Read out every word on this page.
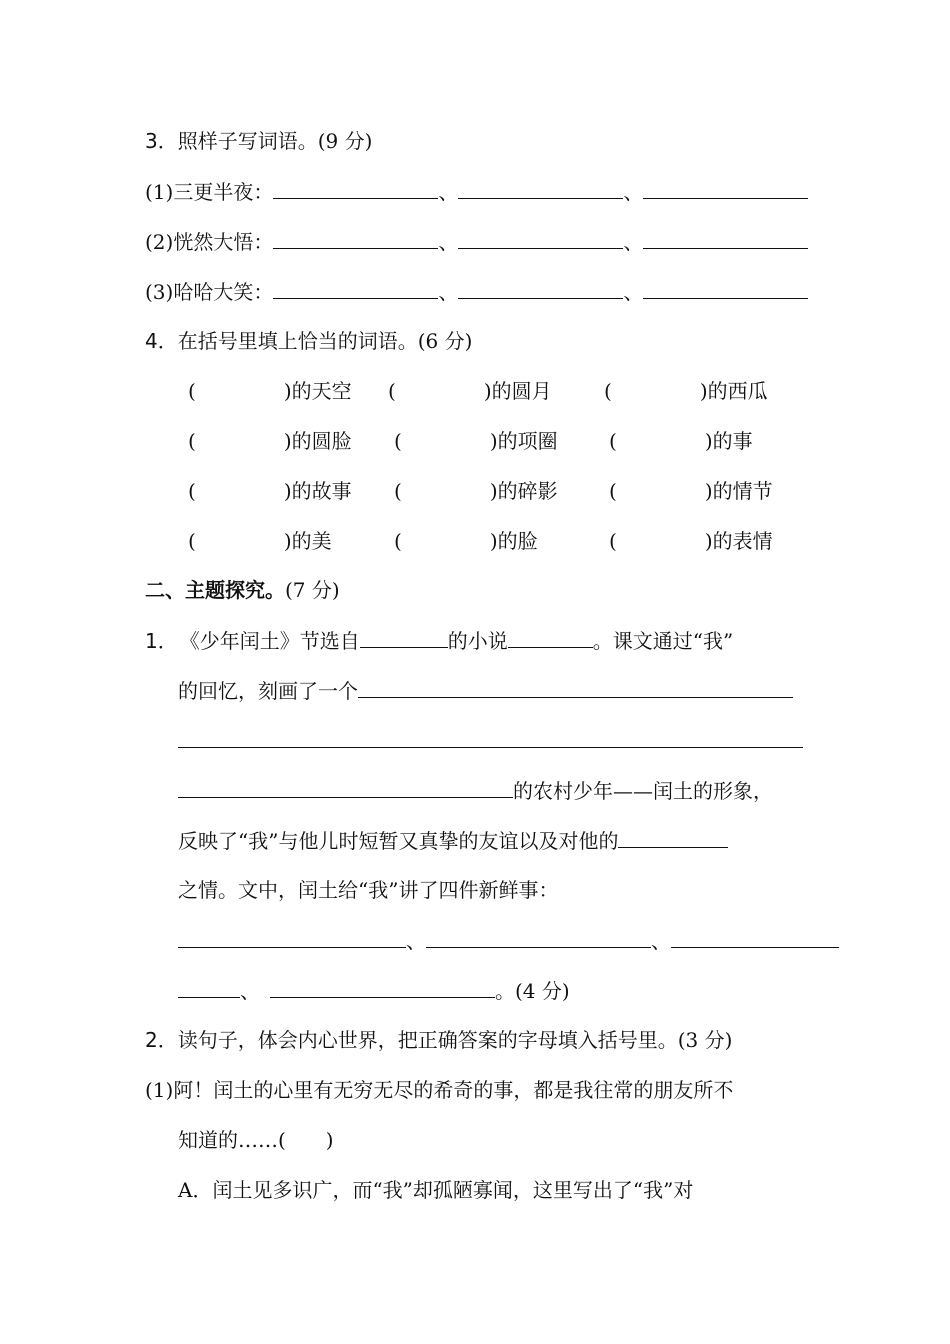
3．照样子写词语。(9 分)
(1)三更半夜：	、	、
(2)恍然大悟：	、	、
(3)哈哈大笑：	、	、
4．在括号里填上恰当的词语。(6 分)
(	)的天空 (	)的圆月	(	)的西瓜
(	)的圆脸 (	)的项圈	(	)的事
(	)的故事 (	)的碎影	(	)的情节
(	)的美	(	)的脸	(	)的表情
二、主题探究。(7 分)
1． 《少年闰土》节选自	的小说	。课文通过“我”
的回忆，刻画了一个
的农村少年——闰土的形象，
反映了“我”与他儿时短暂又真挚的友谊以及对他的
之情。文中，闰土给“我”讲了四件新鲜事：
、	、
、	。(4 分)
2．读句子，体会内心世界，把正确答案的字母填入括号里。(3 分)
(1)阿！闰土的心里有无穷无尽的希奇的事，都是我往常的朋友所不
知道的……(　　)
A．闰土见多识广，而“我”却孤陋寡闻，这里写出了“我”对
